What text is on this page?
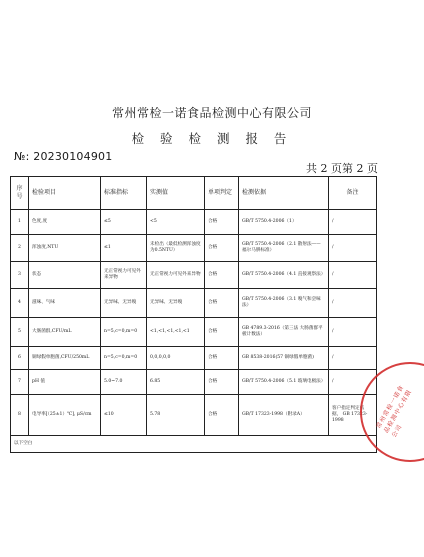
常州常检一诺食品检测中心有限公司
检 验 检 测 报 告
№: 20230104901
共 2 页第 2 页
序号	检验项目	标准指标	实测值	单项判定	检测依据	备注
1	色度,度	≤5	<5	合格	GB/T 5750.4-2006（1）	/
2	浑浊度,NTU	≤1	未检出（最低检测浑浊度为0.5NTU）	合格	GB/T 5750.4-2006（2.1 散射法——福尔马肼标准）	/
3	状态	无正常视力可见外来异物	无正常视力可见外来异物	合格	GB/T 5750.4-2006（4.1 直接观察法）	/
4	滋味、气味	无异味、无异嗅	无异味、无异嗅	合格	GB/T 5750.4-2006（3.1 嗅气和尝味法）	/
5	大肠菌群,CFU/mL	n=5,c=0,m=0	<1,<1,<1,<1,<1	合格	GB 4789.3-2016（第三法 大肠菌群平板计数法）	/
6	铜绿假单胞菌,CFU/250mL	n=5,c=0,m=0	0,0,0,0,0	合格	GB 8538-2016(57 铜绿假单胞菌)	/
7	pH 值	5.0~7.0	6.85	合格	GB/T 5750.4-2006（5.1 玻璃电极法）	/
8	电导率[（25±1）℃], μS/cm	≤10	5.78	合格	GB/T 17323-1998（附录A）	客户指定判定依据， GB 17323-1998
以下空白						
常州常检一诺食品检测中心有限公司
